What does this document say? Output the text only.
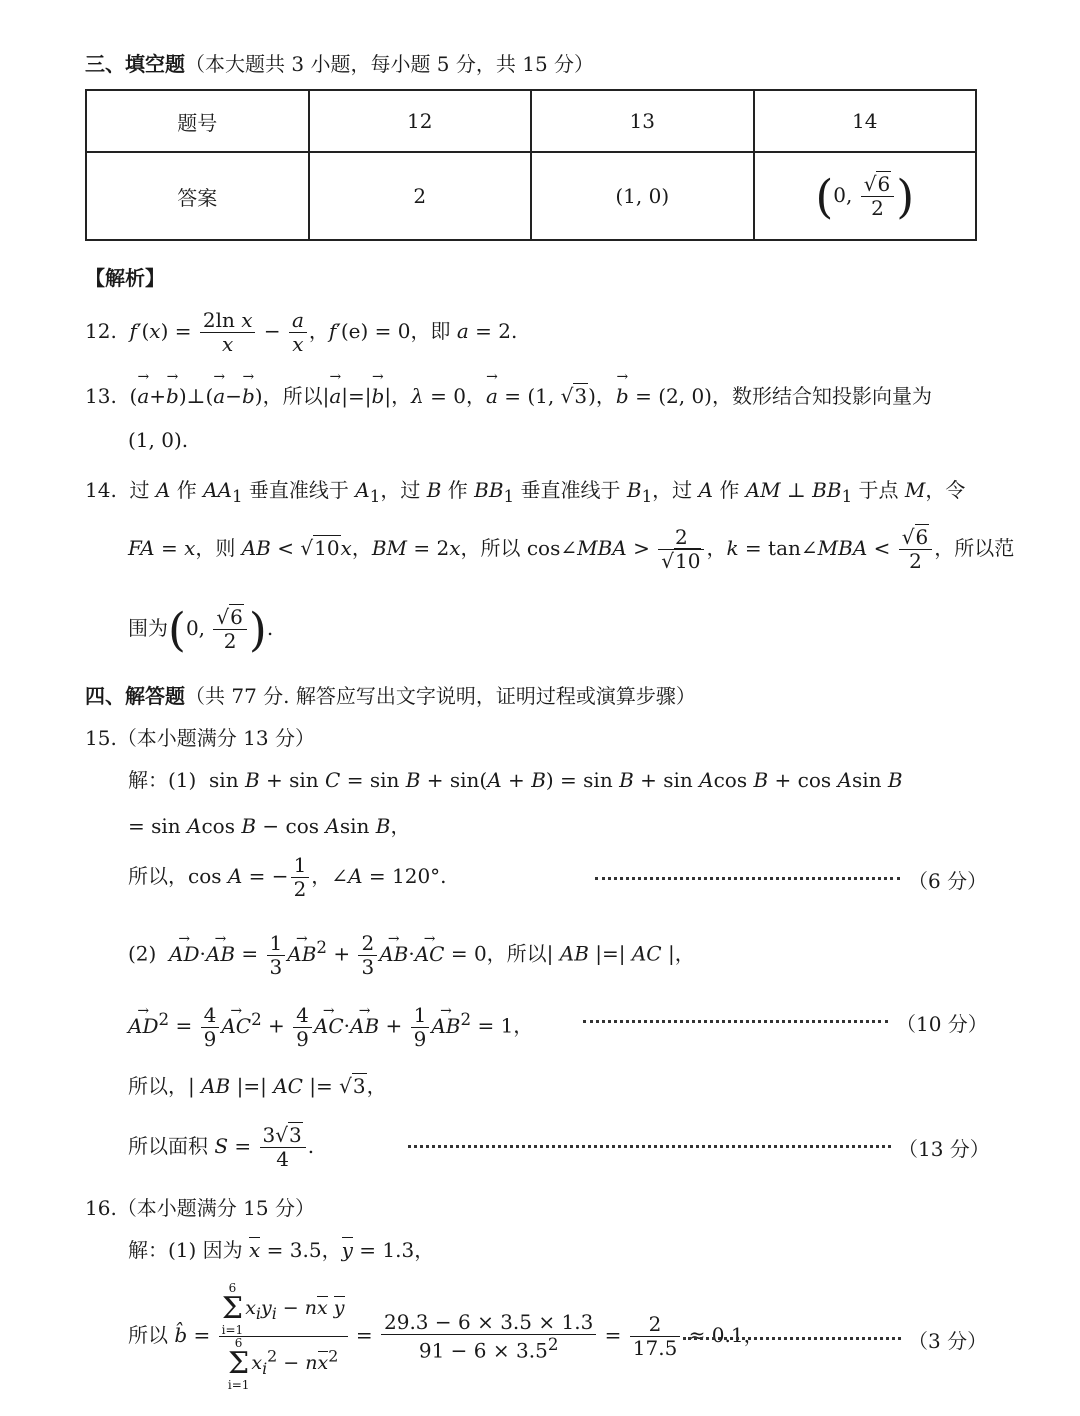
三、填空题（本大题共 3 小题，每小题 5 分，共 15 分）
题号	12	13	14
答案	2	(1, 0)	(0, $\frac{√6}{2}$ )
【解析】
12. $f'(x) = \frac{\text{2ln x}}{x} - \frac{a}{x}$ ，f′(e) = 0，即 a = 2.
13.  (→ a+→ b)⊥(→ a−→ b)，所以|→ a|=|→ b|，λ = 0，→ a = (1, √3)，→ b = (2, 0)，数形结合知投影向量为
(1, 0).
14.  过 A 作 $AA_1$ 垂直准线于 $A_1$，过 B 作 $BB_1$ 垂直准线于 $B_1$，过 A 作 AM ⊥ $BB_1$ 于点 M，令
FA = x，则 AB < √10x，BM = 2x，所以 cos∠MBA > $\frac{2}{√10}$ ，k = tan∠MBA < $\frac{√6}{2}$ ，所以范
围为(0, $\frac{√6}{2}$ ).
四、解答题（共 77 分. 解答应写出文字说明，证明过程或演算步骤）
15.（本小题满分 13 分）
解：(1)  sin B + sin C = sin B + sin(A + B) = sin B + sin Acos B + cos Asin B
= sin Acos B − cos Asin B，
所以，cos A = − $\frac{1}{2}$ ，∠A = 120°.	（6 分）
(2)  → AD·→ AB = $\frac{1}{3} \to AB^2 + \frac{2}{3} \to AB\cdot\to$ AC = 0，所以| AB |=| AC |，
→ $AD^2 = \frac{4}{9} \to AC^2 + \frac{4}{9} \to AC\cdot\to$ AB + $\frac{1}{9} \to AB^2 = 1$，	（10 分）
所以，| AB |=| AC |= √3，
所以面积 $S = \frac{3√3}{4}$ .	（13 分）
16.（本小题满分 15 分）
解：(1) 因为 x = 3.5，y = 1.3，
所以 b̂ = 6
Σ
$i=1x_iy_i$ − nx y
6
Σ
$i=1x_i^2 - nx^2 = \frac{29.3 - 6 \times 3.5 \times 1.3}{91 - 6 \times 3.5^2} = \frac{2}{17.5} \approx 0.1$，	（3 分）
